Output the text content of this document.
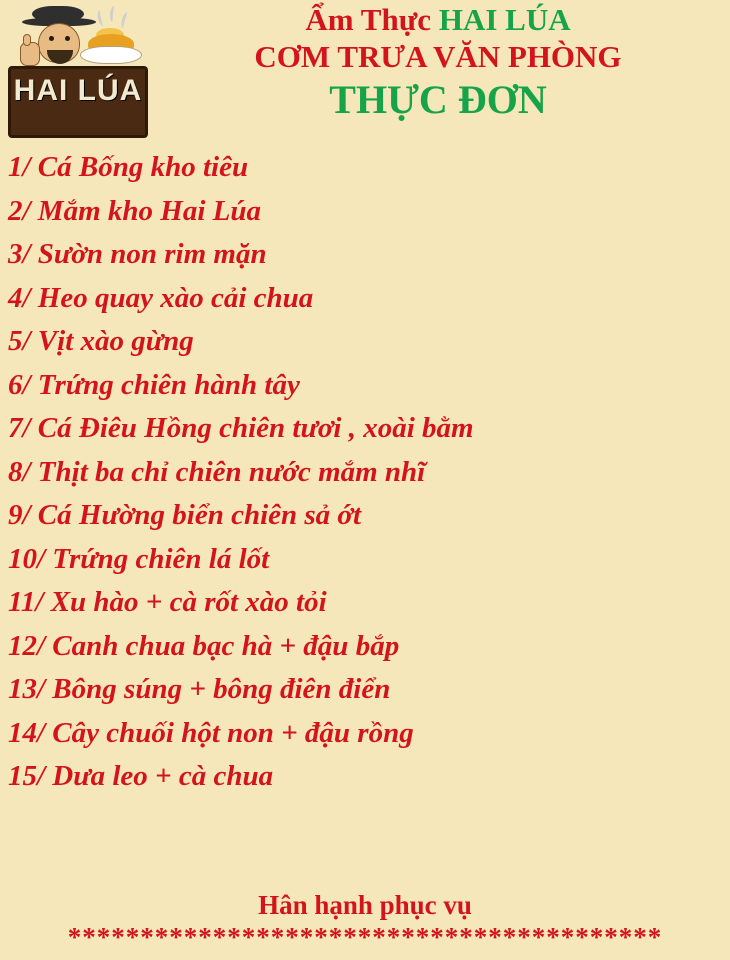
HAI LÚA
Ẩm Thực HAI LÚA
CƠM TRƯA VĂN PHÒNG
THỰC ĐƠN
1/ Cá Bống kho tiêu
2/ Mắm kho Hai Lúa
3/ Sườn non rim mặn
4/ Heo quay xào cải chua
5/ Vịt xào gừng
6/ Trứng chiên hành tây
7/ Cá Điêu Hồng chiên tươi , xoài bằm
8/ Thịt ba chỉ chiên nước mắm nhĩ
9/ Cá Hường biển chiên sả ớt
10/ Trứng chiên lá lốt
11/ Xu hào + cà rốt xào tỏi
12/ Canh chua bạc hà + đậu bắp
13/ Bông súng + bông điên điển
14/ Cây chuối hột non + đậu rồng
15/ Dưa leo + cà chua
Hân hạnh phục vụ
*****************************************
